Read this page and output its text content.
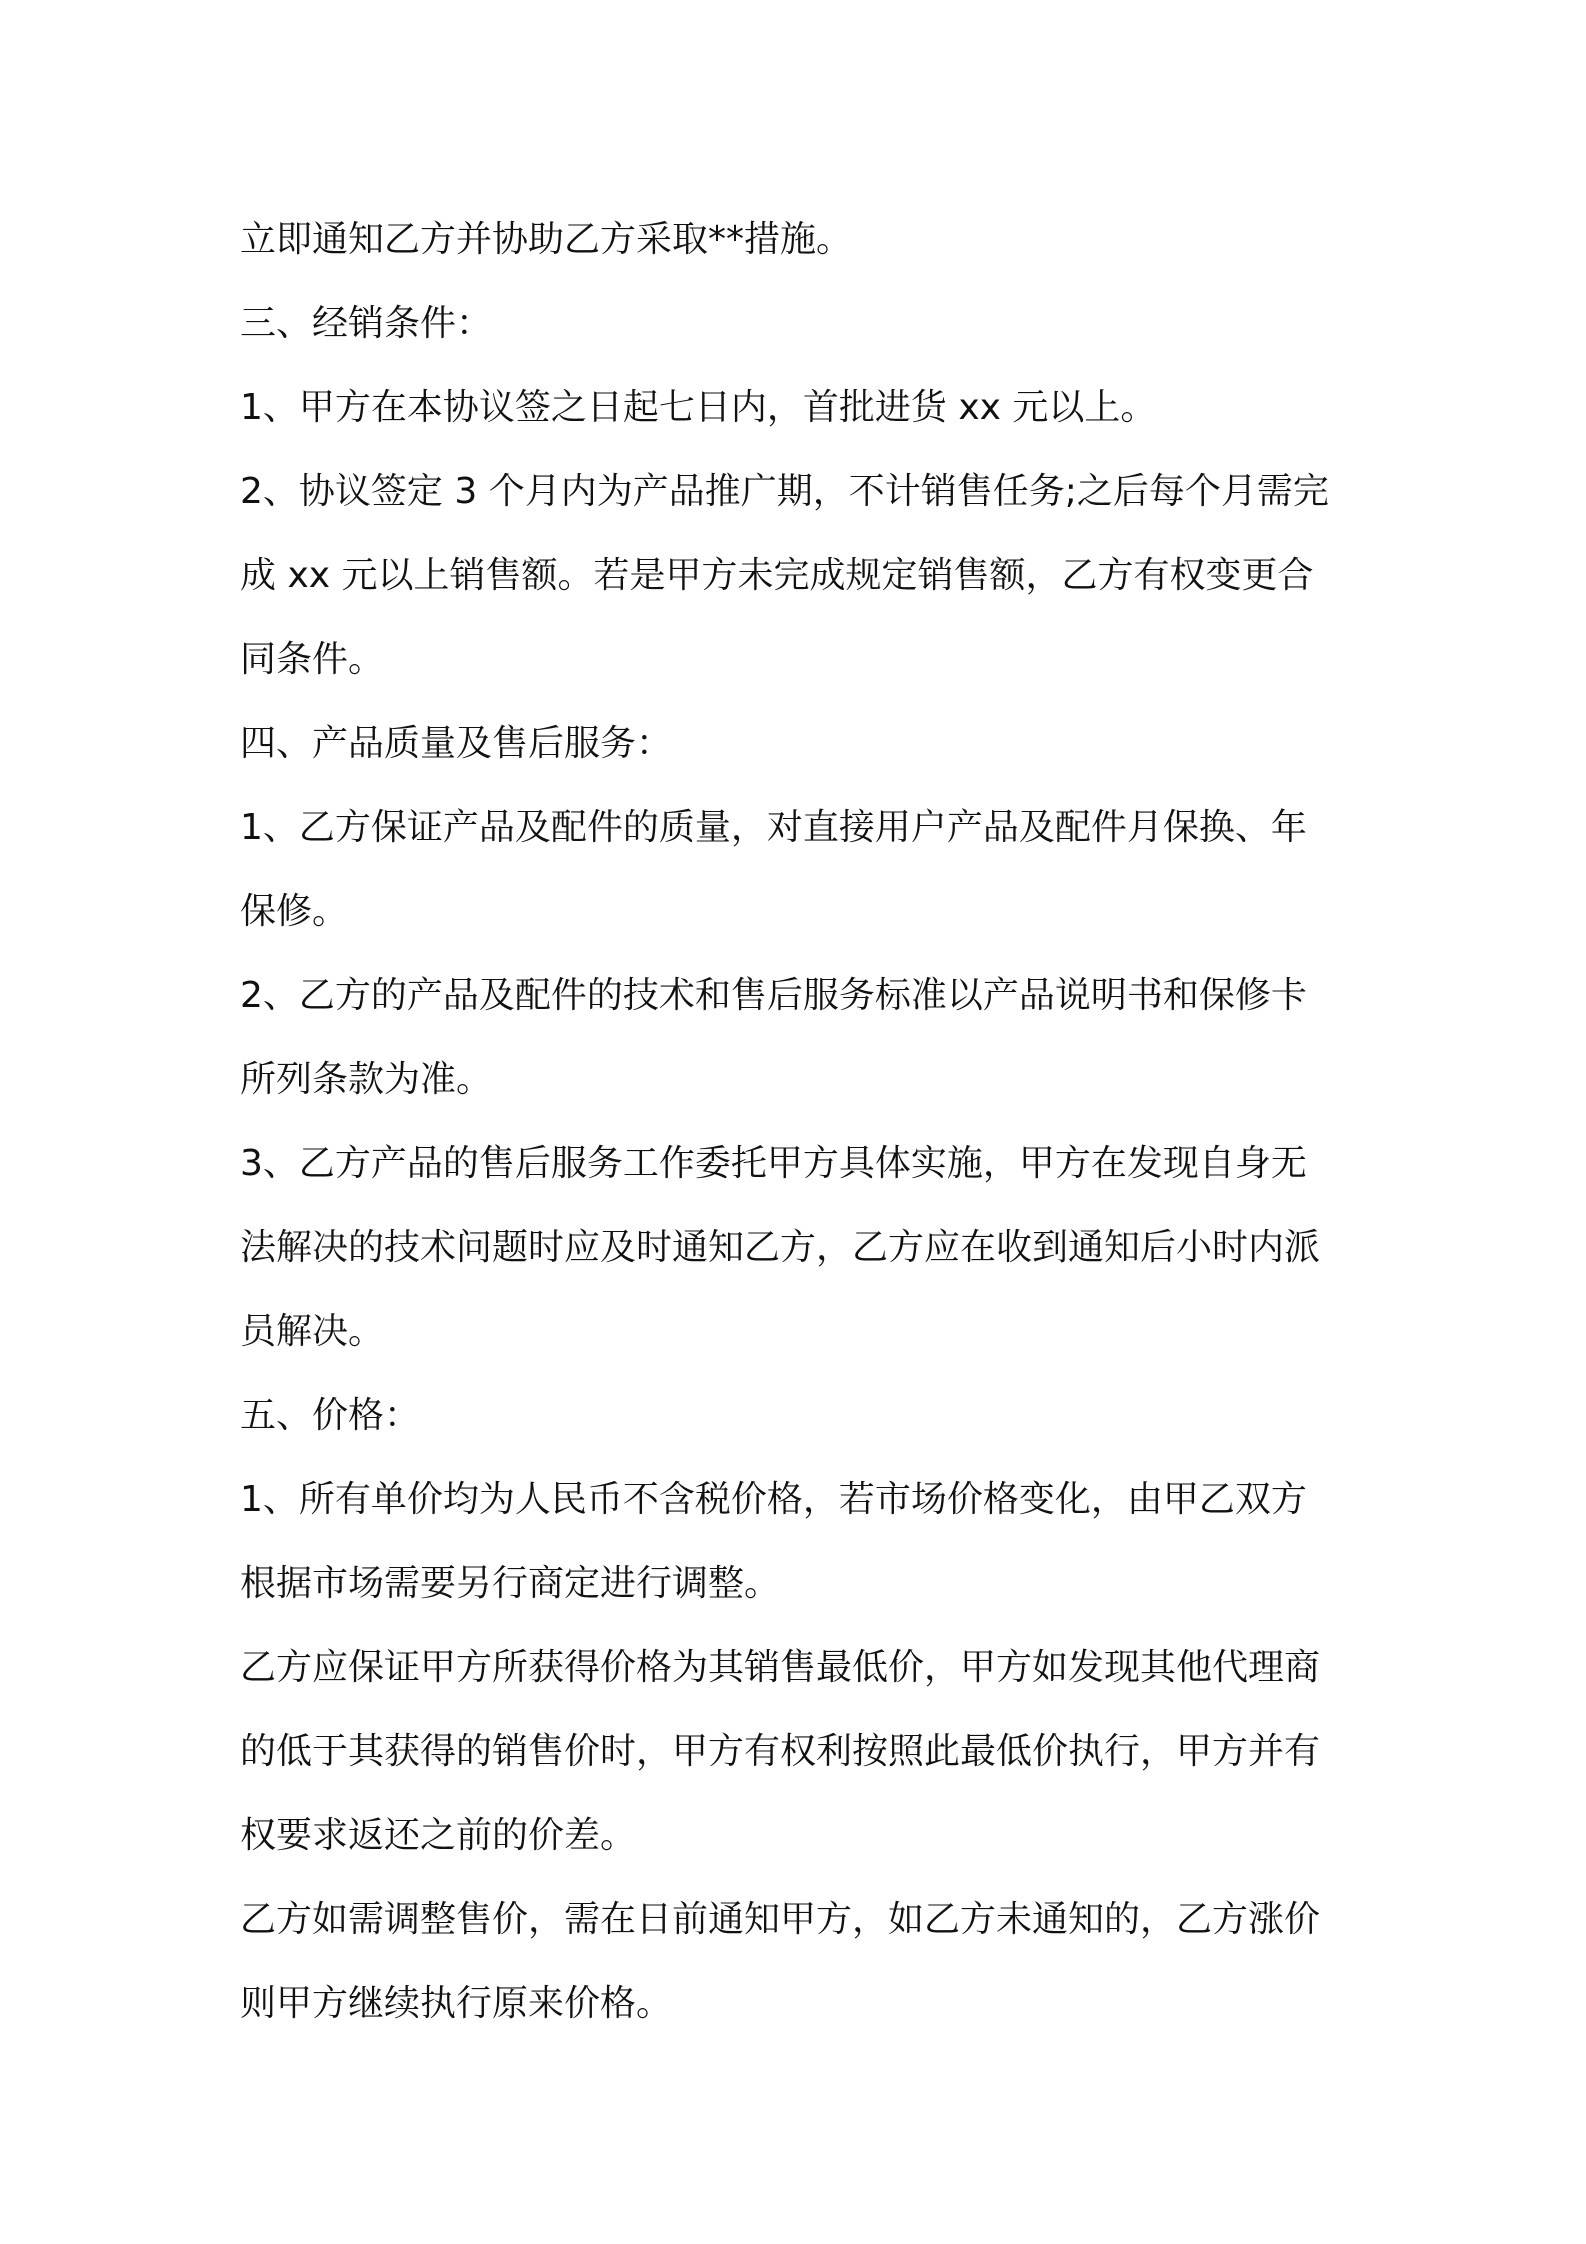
立即通知乙方并协助乙方采取**措施。
三、经销条件：
1、甲方在本协议签之日起七日内，首批进货 xx 元以上。
2、协议签定 3 个月内为产品推广期，不计销售任务;之后每个月需完
成 xx 元以上销售额。若是甲方未完成规定销售额，乙方有权变更合
同条件。
四、产品质量及售后服务：
1、乙方保证产品及配件的质量，对直接用户产品及配件月保换、年
保修。
2、乙方的产品及配件的技术和售后服务标准以产品说明书和保修卡
所列条款为准。
3、乙方产品的售后服务工作委托甲方具体实施，甲方在发现自身无
法解决的技术问题时应及时通知乙方，乙方应在收到通知后小时内派
员解决。
五、价格：
1、所有单价均为人民币不含税价格，若市场价格变化，由甲乙双方
根据市场需要另行商定进行调整。
乙方应保证甲方所获得价格为其销售最低价，甲方如发现其他代理商
的低于其获得的销售价时，甲方有权利按照此最低价执行，甲方并有
权要求返还之前的价差。
乙方如需调整售价，需在日前通知甲方，如乙方未通知的，乙方涨价
则甲方继续执行原来价格。
